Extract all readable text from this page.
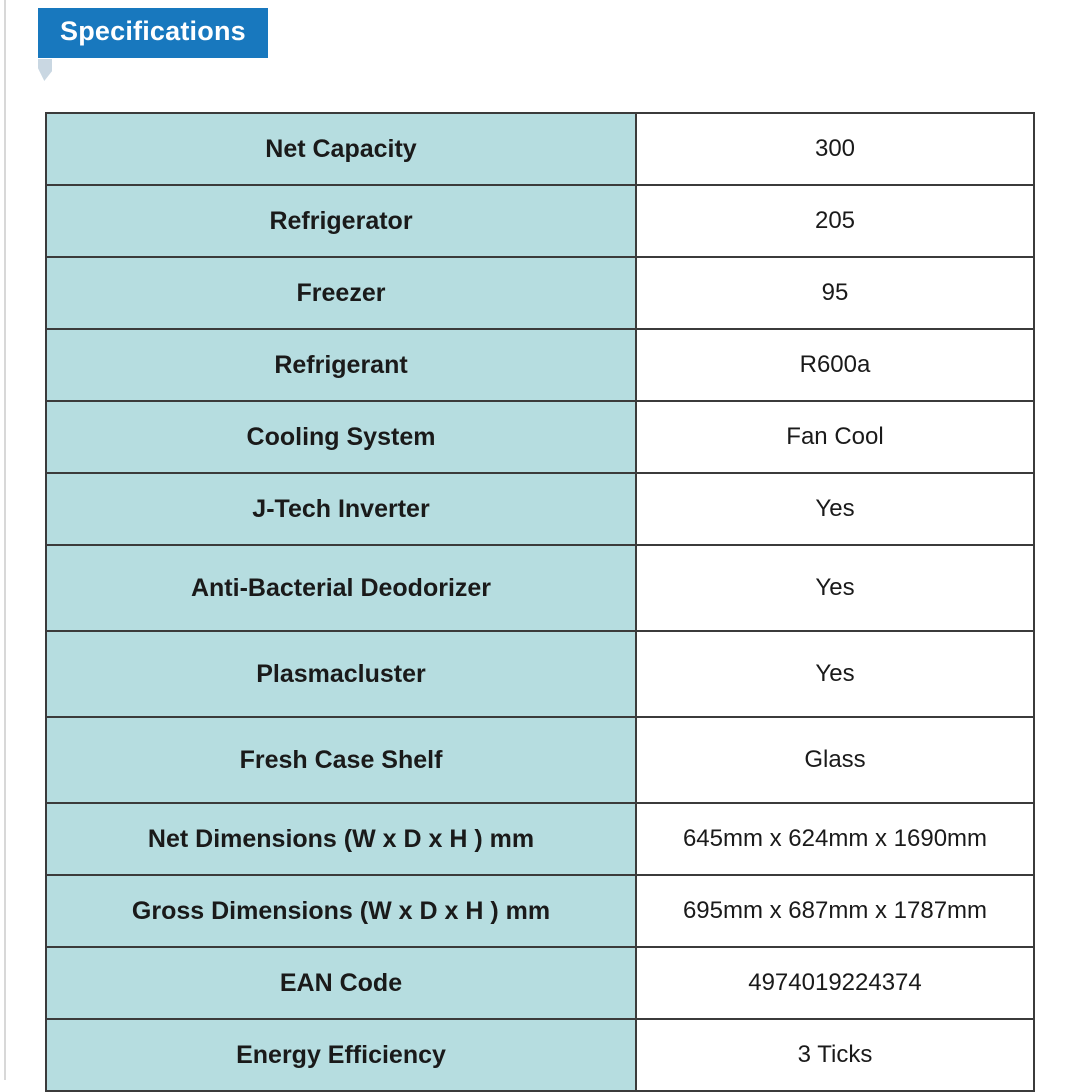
Specifications
Net Capacity	300
Refrigerator	205
Freezer	95
Refrigerant	R600a
Cooling System	Fan Cool
J-Tech Inverter	Yes
Anti-Bacterial Deodorizer	Yes
Plasmacluster	Yes
Fresh Case Shelf	Glass
Net Dimensions (W x D x H ) mm	645mm x 624mm x 1690mm
Gross Dimensions (W x D x H ) mm	695mm x 687mm x 1787mm
EAN Code	4974019224374
Energy Efficiency	3 Ticks
